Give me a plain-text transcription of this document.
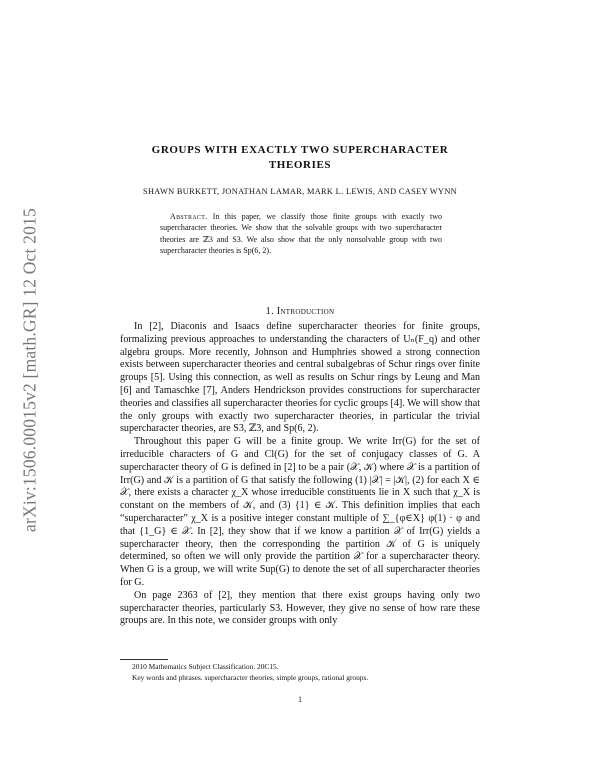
arXiv:1506.00015v2 [math.GR] 12 Oct 2015
GROUPS WITH EXACTLY TWO SUPERCHARACTER
THEORIES
SHAWN BURKETT, JONATHAN LAMAR, MARK L. LEWIS, AND CASEY WYNN
Abstract. In this paper, we classify those finite groups with exactly two supercharacter theories. We show that the solvable groups with two supercharacter theories are ℤ3 and S3. We also show that the only nonsolvable group with two supercharacter theories is Sp(6, 2).
1. Introduction

In [2], Diaconis and Isaacs define supercharacter theories for finite groups, formalizing previous approaches to understanding the characters of Uₙ(F_q) and other algebra groups. More recently, Johnson and Humphries showed a strong connection exists between supercharacter theories and central subalgebras of Schur rings over finite groups [5]. Using this connection, as well as results on Schur rings by Leung and Man [6] and Tamaschke [7], Anders Hendrickson provides constructions for supercharacter theories and classifies all supercharacter theories for cyclic groups [4]. We will show that the only groups with exactly two supercharacter theories, in particular the trivial supercharacter theories, are S3, ℤ3, and Sp(6, 2).

Throughout this paper G will be a finite group. We write Irr(G) for the set of irreducible characters of G and Cl(G) for the set of conjugacy classes of G. A supercharacter theory of G is defined in [2] to be a pair (𝒳, 𝒦) where 𝒳 is a partition of Irr(G) and 𝒦 is a partition of G that satisfy the following (1) |𝒳| = |𝒦|, (2) for each X ∈ 𝒳, there exists a character χ_X whose irreducible constituents lie in X such that χ_X is constant on the members of 𝒦, and (3) {1} ∈ 𝒦. This definition implies that each “supercharacter” χ_X is a positive integer constant multiple of ∑_{φ∈X} φ(1) · φ and that {1_G} ∈ 𝒳. In [2], they show that if we know a partition 𝒳 of Irr(G) yields a supercharacter theory, then the corresponding the partition 𝒦 of G is uniquely determined, so often we will only provide the partition 𝒳 for a supercharacter theory. When G is a group, we will write Sup(G) to denote the set of all supercharacter theories for G.

On page 2363 of [2], they mention that there exist groups having only two supercharacter theories, particularly S3. However, they give no sense of how rare these groups are. In this note, we consider groups with only

2010 Mathematics Subject Classification. 20C15.
Key words and phrases. supercharacter theories, simple groups, rational groups.
1
